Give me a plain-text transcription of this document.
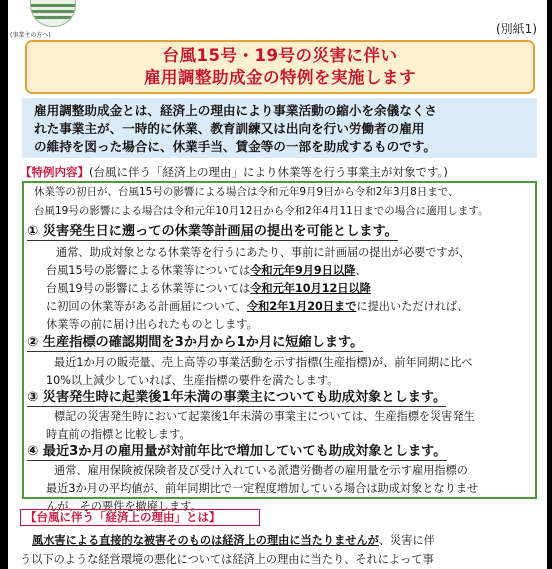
(事業主の方へ)	(別紙1)
台風15号・19号の災害に伴い
雇用調整助成金の特例を実施します
雇用調整助成金とは、経済上の理由により事業活動の縮小を余儀なくさ
れた事業主が、一時的に休業、教育訓練又は出向を行い労働者の雇用
の維持を図った場合に、休業手当、賃金等の一部を助成するものです。
【特例内容】(台風に伴う「経済上の理由」により休業等を行う事業主が対象です。)
休業等の初日が、台風15号の影響による場合は令和元年9月9日から令和2年3月8日まで、
台風19号の影響による場合は令和元年10月12日から令和2年4月11日までの場合に適用します。
① 災害発生日に遡っての休業等計画届の提出を可能とします。
通常、助成対象となる休業等を行うにあたり、事前に計画届の提出が必要ですが、
台風15号の影響による休業等については令和元年9月9日以降、
台風19号の影響による休業等については令和元年10月12日以降
に初回の休業等がある計画届について、令和2年1月20日までに提出いただければ、
休業等の前に届け出られたものとします。
② 生産指標の確認期間を3か月から1か月に短縮します。
最近1か月の販売量、売上高等の事業活動を示す指標(生産指標)が、前年同期に比べ
10%以上減少していれば、生産指標の要件を満たします。
③ 災害発生時に起業後1年未満の事業主についても助成対象とします。
標記の災害発生時において起業後1年未満の事業主については、生産指標を災害発生
時直前の指標と比較します。
④ 最近3か月の雇用量が対前年比で増加していても助成対象とします。
通常、雇用保険被保険者及び受け入れている派遣労働者の雇用量を示す雇用指標の
最近3か月の平均値が、前年同期比で一定程度増加している場合は助成対象となりませ
んが、その要件を撤廃します。
【台風に伴う「経済上の理由」とは】
風水害による直接的な被害そのものは経済上の理由に当たりませんが、災害に伴
う以下のような経営環境の悪化については経済上の理由に当たり、それによって事
